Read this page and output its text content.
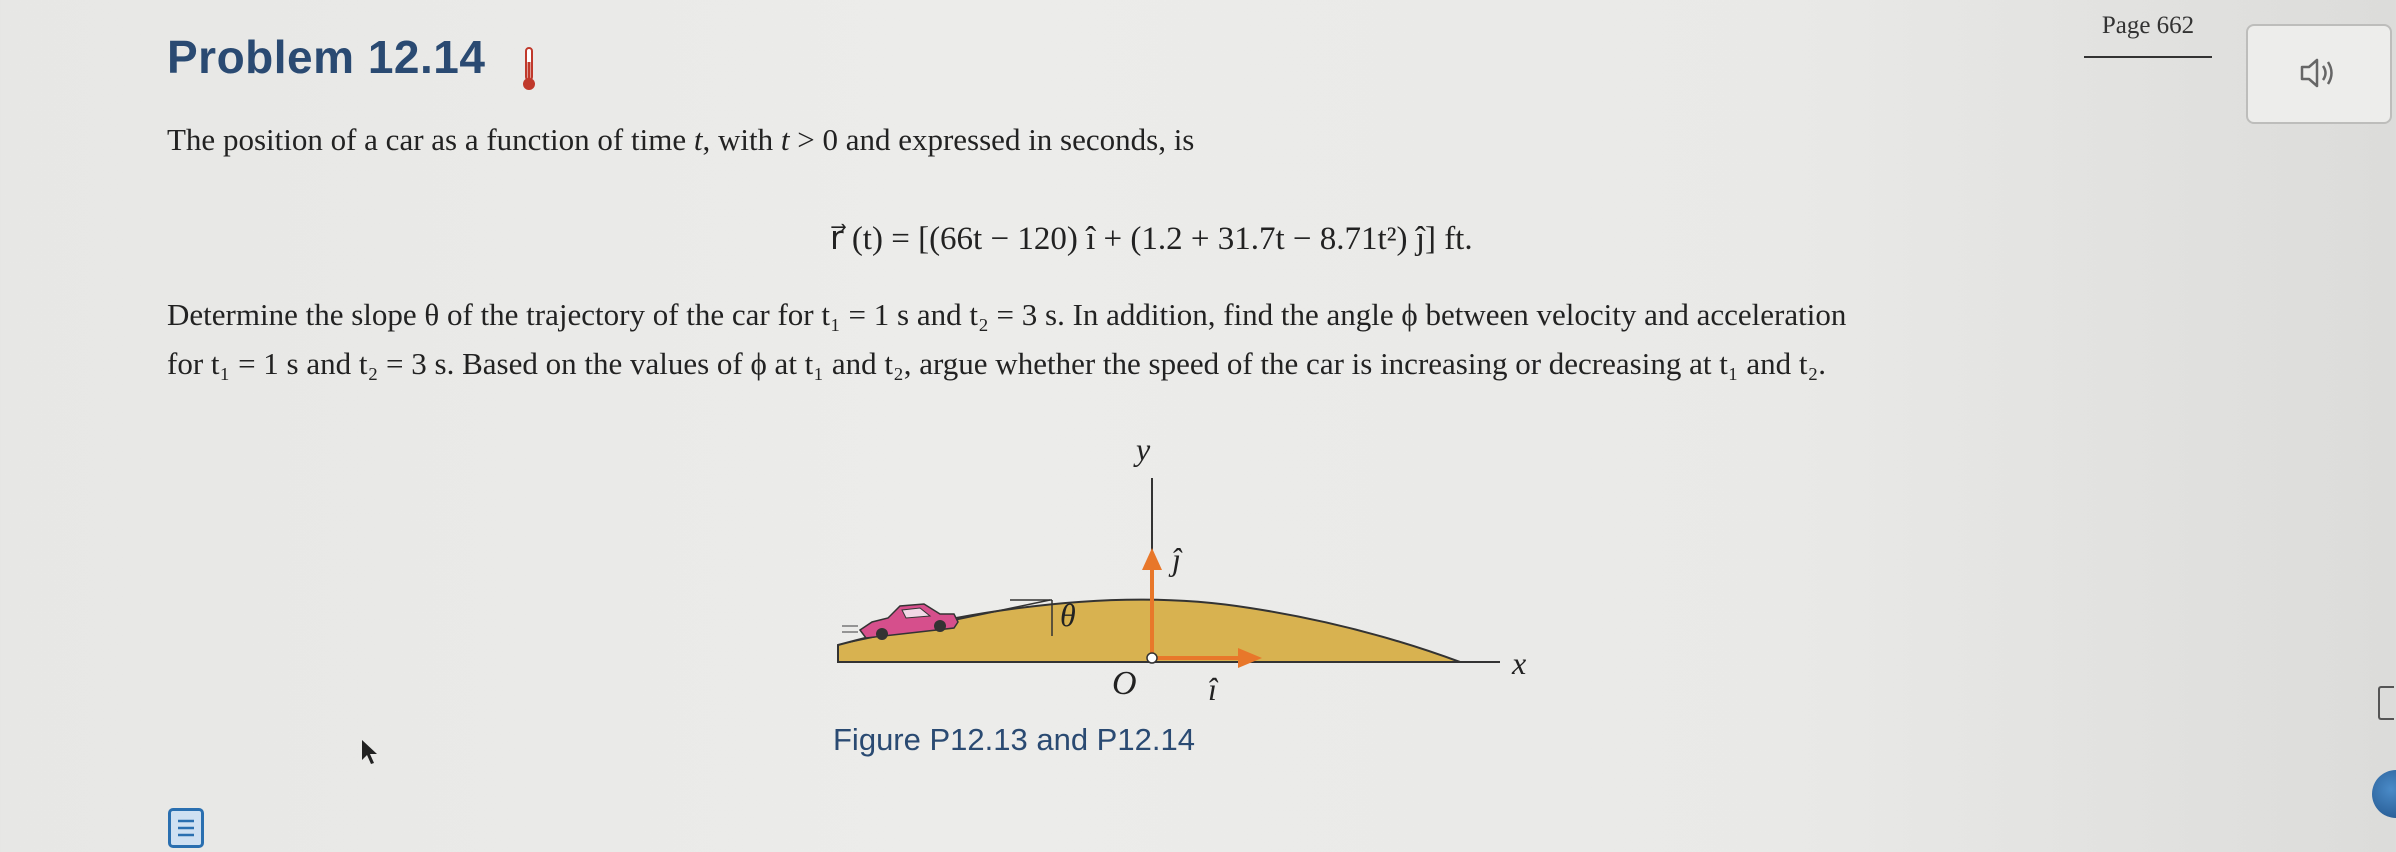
Problem 12.14
Page 662
The position of a car as a function of time t, with t > 0 and expressed in seconds, is
r⃗ (t) = [(66t − 120) î + (1.2 + 31.7t − 8.71t²) ĵ] ft.
Determine the slope θ of the trajectory of the car for t₁ = 1 s and t₂ = 3 s. In addition, find the angle ϕ between velocity and acceleration
for t₁ = 1 s and t₂ = 3 s. Based on the values of ϕ at t₁ and t₂, argue whether the speed of the car is increasing or decreasing at t₁ and t₂.
y
ĵ
θ
O î
x
Figure P12.13 and P12.14
